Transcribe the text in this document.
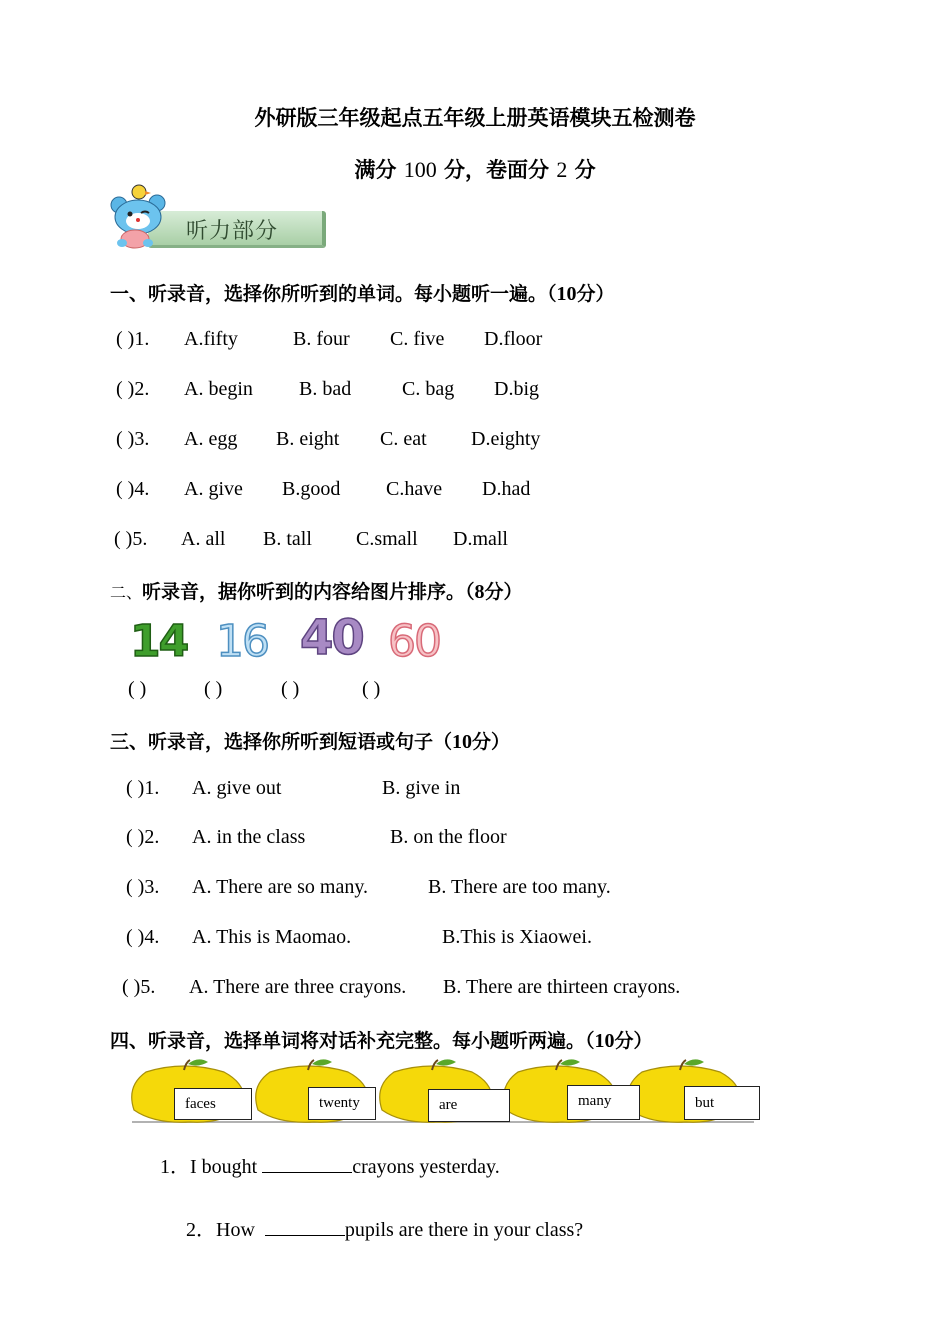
外研版三年级起点五年级上册英语模块五检测卷
满分 100 分，卷面分 2 分
听力部分
一、听录音，选择你所听到的单词。每小题听一遍。（10分）
( )1. A.fifty	B. four C. five D.floor
( )2. A. begin B. bad	C. bag D.big
( )3. A. egg B. eight C. eat D.eighty
( )4. A. give B.good C.have D.had
( )5. A. all B. tall C.small D.mall
二、听录音，据你听到的内容给图片排序。（8分）
14 16 40 60
( )	( )	( )	( )
三、听录音，选择你所听到短语或句子（10分）
( )1. A. give out	B. give in
( )2. A. in the class	B. on the floor
( )3. A. There are so many.	B. There are too many.
( )4. A. This is Maomao.	B.This is Xiaowei.
( )5. A. There are three crayons. B. There are thirteen crayons.
四、听录音，选择单词将对话补充完整。每小题听两遍。（10分）
faces	twenty	are	many	but
1．I bought	crayons yesterday.
2．How	pupils are there in your class?
